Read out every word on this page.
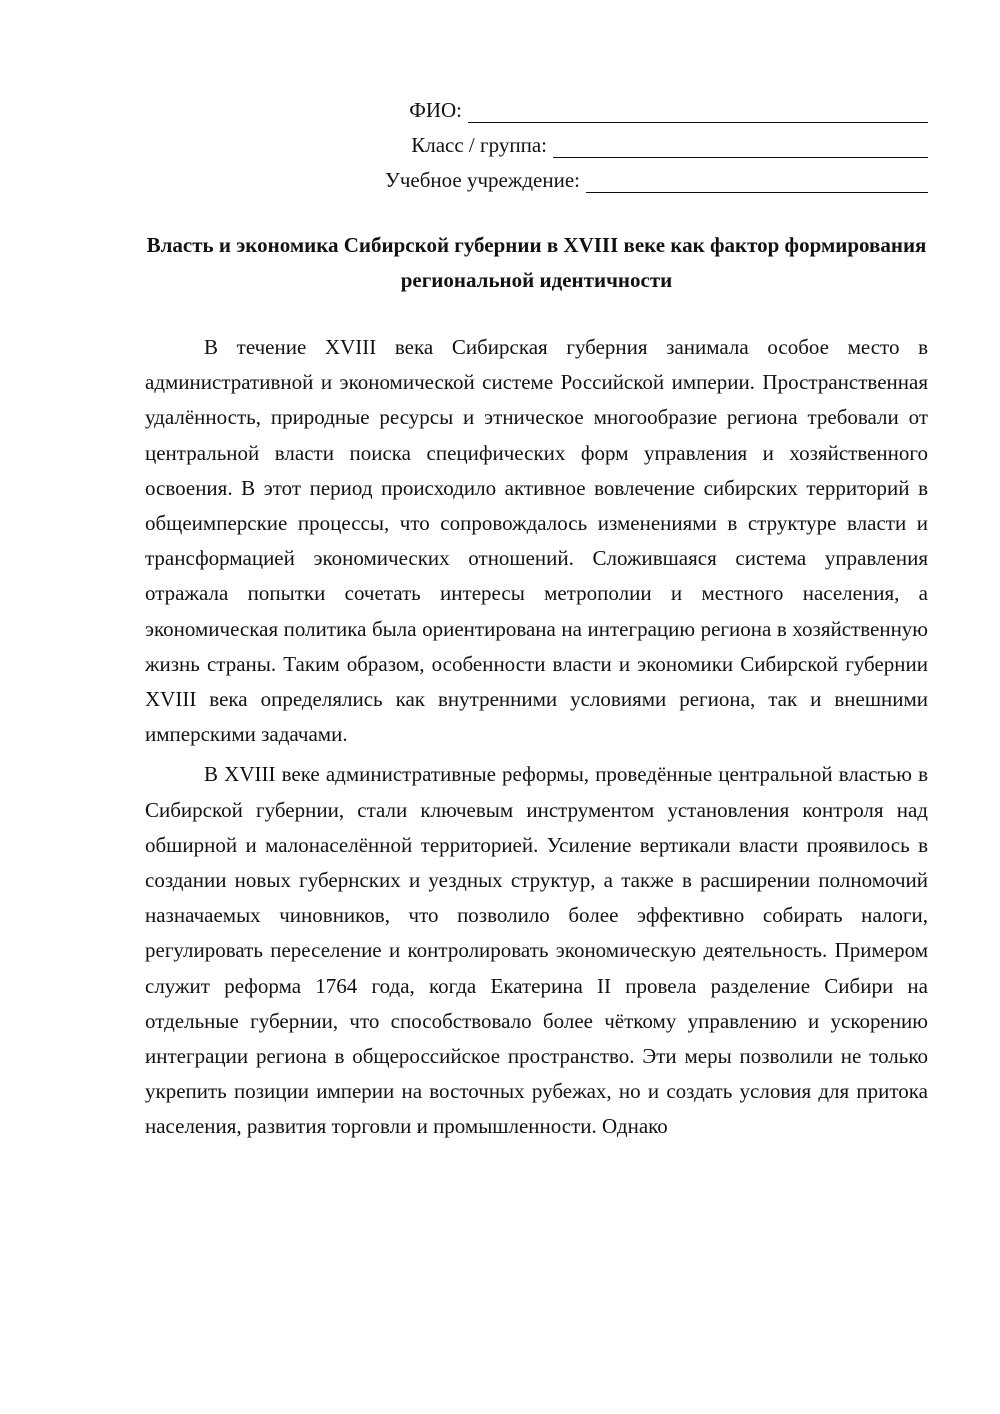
ФИО:
Класс / группа:
Учебное учреждение:
Власть и экономика Сибирской губернии в XVIII веке как фактор формирования региональной идентичности

В течение XVIII века Сибирская губерния занимала особое место в административной и экономической системе Российской империи. Пространственная удалённость, природные ресурсы и этническое многообразие региона требовали от центральной власти поиска специфических форм управления и хозяйственного освоения. В этот период происходило активное вовлечение сибирских территорий в общеимперские процессы, что сопровождалось изменениями в структуре власти и трансформацией экономических отношений. Сложившаяся система управления отражала попытки сочетать интересы метрополии и местного населения, а экономическая политика была ориентирована на интеграцию региона в хозяйственную жизнь страны. Таким образом, особенности власти и экономики Сибирской губернии XVIII века определялись как внутренними условиями региона, так и внешними имперскими задачами.

В XVIII веке административные реформы, проведённые центральной властью в Сибирской губернии, стали ключевым инструментом установления контроля над обширной и малонаселённой территорией. Усиление вертикали власти проявилось в создании новых губернских и уездных структур, а также в расширении полномочий назначаемых чиновников, что позволило более эффективно собирать налоги, регулировать переселение и контролировать экономическую деятельность. Примером служит реформа 1764 года, когда Екатерина II провела разделение Сибири на отдельные губернии, что способствовало более чёткому управлению и ускорению интеграции региона в общероссийское пространство. Эти меры позволили не только укрепить позиции империи на восточных рубежах, но и создать условия для притока населения, развития торговли и промышленности. Однако
